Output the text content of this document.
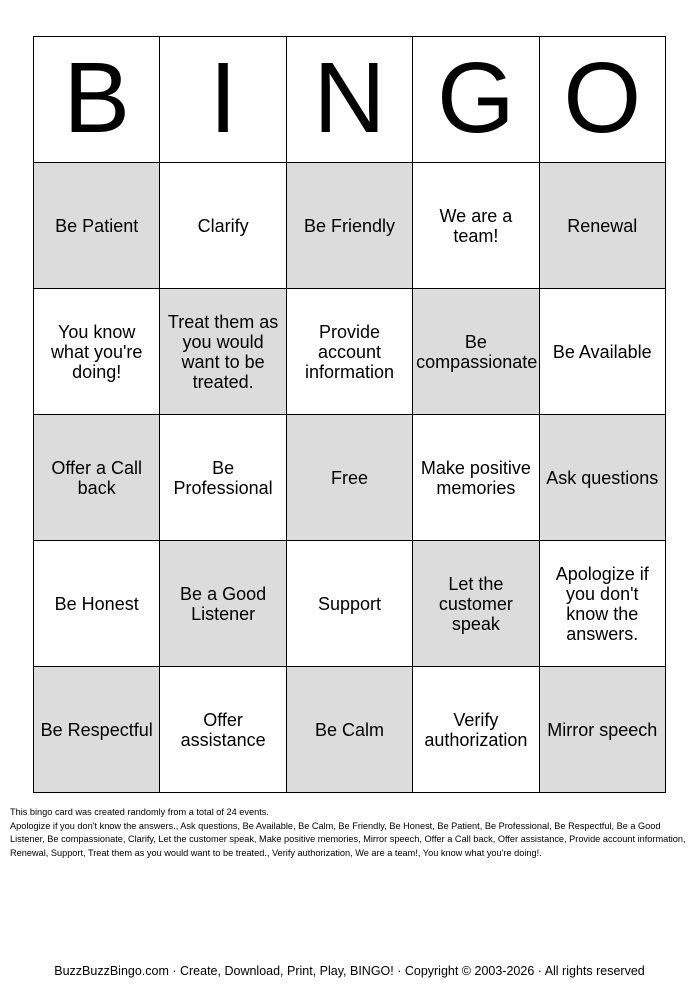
B	I	N	G	O
Be Patient	Clarify	Be Friendly	We are a team!	Renewal
You know what you're doing!	Treat them as you would want to be treated.	Provide account information	Be compassionate	Be Available
Offer a Call back	Be Professional	Free	Make positive memories	Ask questions
Be Honest	Be a Good Listener	Support	Let the customer speak	Apologize if you don't know the answers.
Be Respectful	Offer assistance	Be Calm	Verify authorization	Mirror speech

This bingo card was created randomly from a total of 24 events.

Apologize if you don't know the answers., Ask questions, Be Available, Be Calm, Be Friendly, Be Honest, Be Patient, Be Professional, Be Respectful, Be a Good Listener, Be compassionate, Clarify, Let the customer speak, Make positive memories, Mirror speech, Offer a Call back, Offer assistance, Provide account information, Renewal, Support, Treat them as you would want to be treated., Verify authorization, We are a team!, You know what you're doing!.

BuzzBuzzBingo.com · Create, Download, Print, Play, BINGO! · Copyright © 2003-2026 · All rights reserved
